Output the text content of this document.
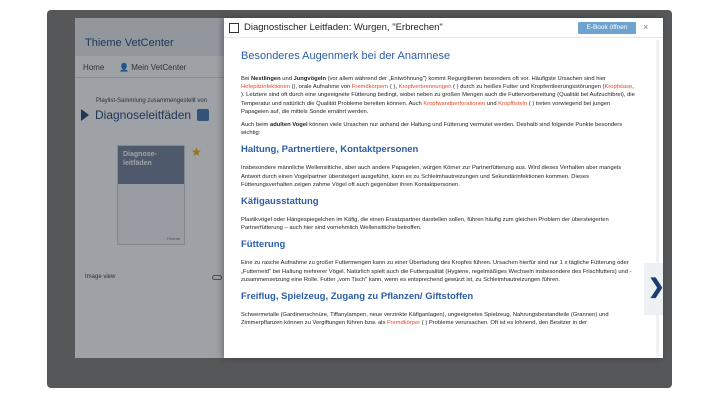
Thieme VetCenter
Home 👤 Mein VetCenter
Playlist-Sammlung zusammengestellt von
Diagnoseleitfäden
Diagnose-leitfäden
Thieme
★
Image view
Diagnostischer Leitfaden: Wurgen, "Erbrechen"	E-Book öffnen	×
Besonderes Augenmerk bei der Anamnese

Bei Nestlingen und Jungvögeln (vor allem während der „Entwöhnung") kommt Regurgitieren besonders oft vor. Häufigste Ursachen sind hier Hefepilzinfektionen (), orale Aufnahme von Fremdkörpern ( ), Kropfverbrennungen ( ) durch zu heißes Futter und Kropfentleerungsstörungen (Kropfstase, ). Letztere sind oft durch eine ungeeignete Fütterung bedingt, wobei neben zu großen Mengen auch die Futtervorbereitung (Qualität bei Aufzuchtbrei), die Temperatur und natürlich die Qualität Probleme bereiten können. Auch Kropfwandperforationen und Kropffisteln ( ) treten vorwiegend bei jungen Papageien auf, die mittels Sonde ernährt werden.

Auch beim adulten Vogel können viele Ursachen nur anhand der Haltung und Fütterung vermutet werden. Deshalb sind folgende Punkte besonders wichtig:

Haltung, Partnertiere, Kontaktpersonen

Insbesondere männliche Wellensittiche, aber auch andere Papageien, würgen Körner zur Partnerfütterung aus. Wird dieses Verhalten aber mangels Antwort durch einen Vogelpartner übersteigert ausgeführt, kann es zu Schleimhautreizungen und Sekundärinfektionen kommen. Dieses Fütterungsverhalten zeigen zahme Vögel oft auch gegenüber ihren Kontaktpersonen.

Käfigausstattung

Plastikvögel oder Hängespiegelchen im Käfig, die einen Ersatzpartner darstellen sollen, führen häufig zum gleichen Problem der übersteigerten Partnerfütterung – auch hier sind vornehmlich Wellensittiche betroffen.

Fütterung

Eine zu rasche Aufnahme zu großer Futtermengen kann zu einer Überladung des Kropfes führen. Ursachen hierfür sind nur 1 x tägliche Fütterung oder „Futterneid" bei Haltung mehrerer Vögel. Natürlich spielt auch die Futterqualität (Hygiene, regelmäßiges Wechseln insbesondere des Frischfutters) und -zusammensetzung eine Rolle. Futter „vom Tisch" kann, wenn es entsprechend gewürzt ist, zu Schleimhautreizungen führen.

Freiflug, Spielzeug, Zugang zu Pflanzen/ Giftstoffen

Schwermetalle (Gardinenschnüre, Tiffanylampen, neue verzinkte Käfiganlagen), ungeeignetes Spielzeug, Nahrungsbestandteile (Grannen) und Zimmerpflanzen können zu Vergiftungen führen bzw. als Fremdkörper ( ) Probleme verursachen. Oft ist es lohnend, den Besitzer in der

❯
